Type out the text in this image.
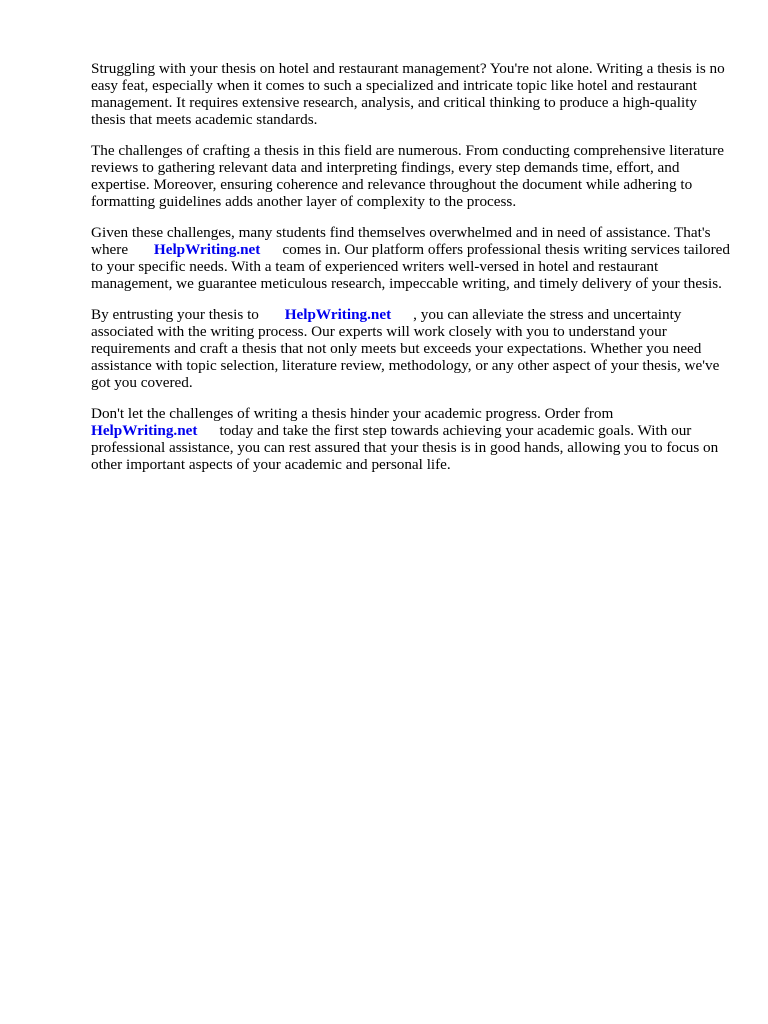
Struggling with your thesis on hotel and restaurant management? You're not alone. Writing a thesis is no easy feat, especially when it comes to such a specialized and intricate topic like hotel and restaurant management. It requires extensive research, analysis, and critical thinking to produce a high-quality thesis that meets academic standards.

The challenges of crafting a thesis in this field are numerous. From conducting comprehensive literature reviews to gathering relevant data and interpreting findings, every step demands time, effort, and expertise. Moreover, ensuring coherence and relevance throughout the document while adhering to formatting guidelines adds another layer of complexity to the process.

Given these challenges, many students find themselves overwhelmed and in need of assistance. That's where HelpWriting.net comes in. Our platform offers professional thesis writing services tailored to your specific needs. With a team of experienced writers well-versed in hotel and restaurant management, we guarantee meticulous research, impeccable writing, and timely delivery of your thesis.

By entrusting your thesis to HelpWriting.net , you can alleviate the stress and uncertainty associated with the writing process. Our experts will work closely with you to understand your requirements and craft a thesis that not only meets but exceeds your expectations. Whether you need assistance with topic selection, literature review, methodology, or any other aspect of your thesis, we've got you covered.

Don't let the challenges of writing a thesis hinder your academic progress. Order from
HelpWriting.net today and take the first step towards achieving your academic goals. With our professional assistance, you can rest assured that your thesis is in good hands, allowing you to focus on other important aspects of your academic and personal life.
